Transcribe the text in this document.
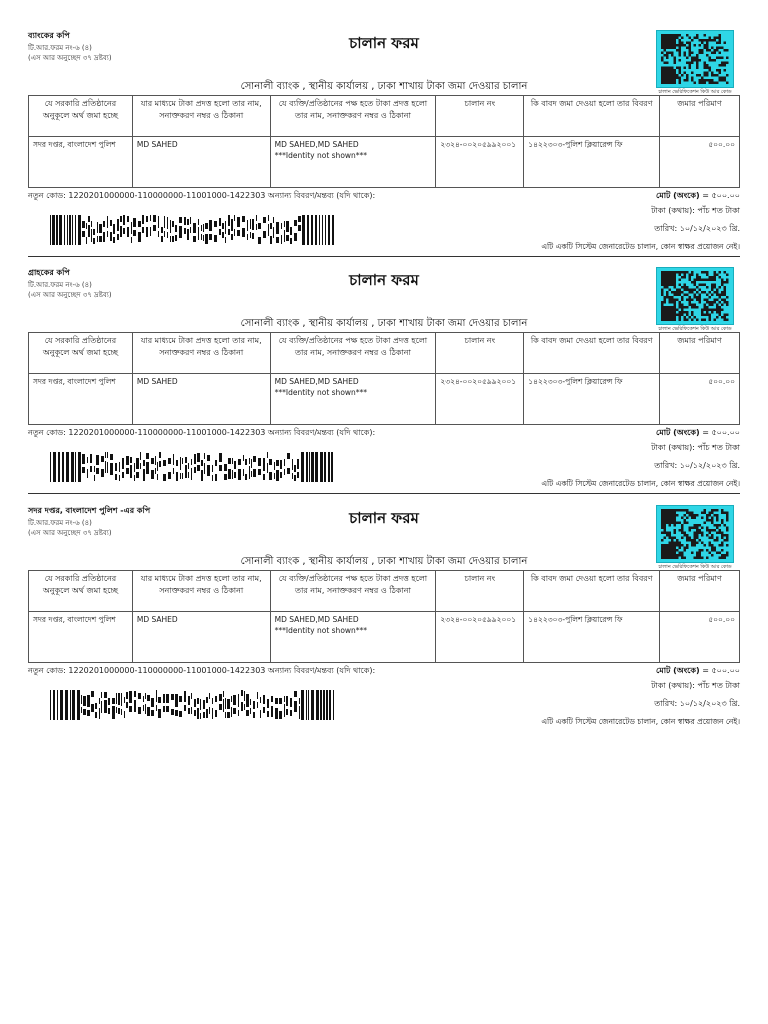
ব্যাংকের কপি
টি.আর.ফরম নং-৬ (৪)
(এস আর অনুচ্ছেদ ৩৭ দ্রষ্টব্য)
চালান ফরম
চালান ভেরিফিকেশন কিউ আর কোড
সোনালী ব্যাংক , স্থানীয় কার্যালয় , ঢাকা শাখায় টাকা জমা দেওয়ার চালান
যে সরকারি প্রতিষ্ঠানের অনুকূলে অর্থ জমা হচ্ছে	যার মাধ্যমে টাকা প্রদত্ত হলো তার নাম, সনাক্তকরণ নম্বর ও ঠিকানা	যে ব্যক্তি/প্রতিষ্ঠানের পক্ষ হতে টাকা প্রদত্ত হলো তার নাম, সনাক্তকরণ নম্বর ও ঠিকানা	চালান নং	কি বাবদ জমা দেওয়া হলো তার বিবরণ	জমার পরিমাণ
সদর দপ্তর, বাংলাদেশ পুলিশ	MD SAHED	MD SAHED,MD SAHED
***Identity not shown***	২৩২৪-০০২০৫৯৯২০০১	১৪২২৩০৩-পুলিশ ক্লিয়ারেন্স ফি	৫০০.০০
নতুন কোড: 1220201000000-110000000-11001000-1422303 অন্যান্য বিবরণ/মন্তব্য (যদি থাকে):	মোট (অংকে) = ৫০০.০০
টাকা (কথায়): পাঁচ শত টাকা
তারিখ: ১০/১২/২০২৩ খ্রি.
এটি একটি সিস্টেম জেনারেটেড চালান, কোন স্বাক্ষর প্রয়োজন নেই।
গ্রাহকের কপি
টি.আর.ফরম নং-৬ (৪)
(এস আর অনুচ্ছেদ ৩৭ দ্রষ্টব্য)
চালান ফরম
চালান ভেরিফিকেশন কিউ আর কোড
সোনালী ব্যাংক , স্থানীয় কার্যালয় , ঢাকা শাখায় টাকা জমা দেওয়ার চালান
যে সরকারি প্রতিষ্ঠানের অনুকূলে অর্থ জমা হচ্ছে	যার মাধ্যমে টাকা প্রদত্ত হলো তার নাম, সনাক্তকরণ নম্বর ও ঠিকানা	যে ব্যক্তি/প্রতিষ্ঠানের পক্ষ হতে টাকা প্রদত্ত হলো তার নাম, সনাক্তকরণ নম্বর ও ঠিকানা	চালান নং	কি বাবদ জমা দেওয়া হলো তার বিবরণ	জমার পরিমাণ
সদর দপ্তর, বাংলাদেশ পুলিশ	MD SAHED	MD SAHED,MD SAHED
***Identity not shown***	২৩২৪-০০২০৫৯৯২০০১	১৪২২৩০৩-পুলিশ ক্লিয়ারেন্স ফি	৫০০.০০
নতুন কোড: 1220201000000-110000000-11001000-1422303 অন্যান্য বিবরণ/মন্তব্য (যদি থাকে):	মোট (অংকে) = ৫০০.০০
টাকা (কথায়): পাঁচ শত টাকা
তারিখ: ১০/১২/২০২৩ খ্রি.
এটি একটি সিস্টেম জেনারেটেড চালান, কোন স্বাক্ষর প্রয়োজন নেই।
সদর দপ্তর, বাংলাদেশ পুলিশ -এর কপি
টি.আর.ফরম নং-৬ (৪)
(এস আর অনুচ্ছেদ ৩৭ দ্রষ্টব্য)
চালান ফরম
চালান ভেরিফিকেশন কিউ আর কোড
সোনালী ব্যাংক , স্থানীয় কার্যালয় , ঢাকা শাখায় টাকা জমা দেওয়ার চালান
যে সরকারি প্রতিষ্ঠানের অনুকূলে অর্থ জমা হচ্ছে	যার মাধ্যমে টাকা প্রদত্ত হলো তার নাম, সনাক্তকরণ নম্বর ও ঠিকানা	যে ব্যক্তি/প্রতিষ্ঠানের পক্ষ হতে টাকা প্রদত্ত হলো তার নাম, সনাক্তকরণ নম্বর ও ঠিকানা	চালান নং	কি বাবদ জমা দেওয়া হলো তার বিবরণ	জমার পরিমাণ
সদর দপ্তর, বাংলাদেশ পুলিশ	MD SAHED	MD SAHED,MD SAHED
***Identity not shown***	২৩২৪-০০২০৫৯৯২০০১	১৪২২৩০৩-পুলিশ ক্লিয়ারেন্স ফি	৫০০.০০
নতুন কোড: 1220201000000-110000000-11001000-1422303 অন্যান্য বিবরণ/মন্তব্য (যদি থাকে):	মোট (অংকে) = ৫০০.০০
টাকা (কথায়): পাঁচ শত টাকা
তারিখ: ১০/১২/২০২৩ খ্রি.
এটি একটি সিস্টেম জেনারেটেড চালান, কোন স্বাক্ষর প্রয়োজন নেই।
